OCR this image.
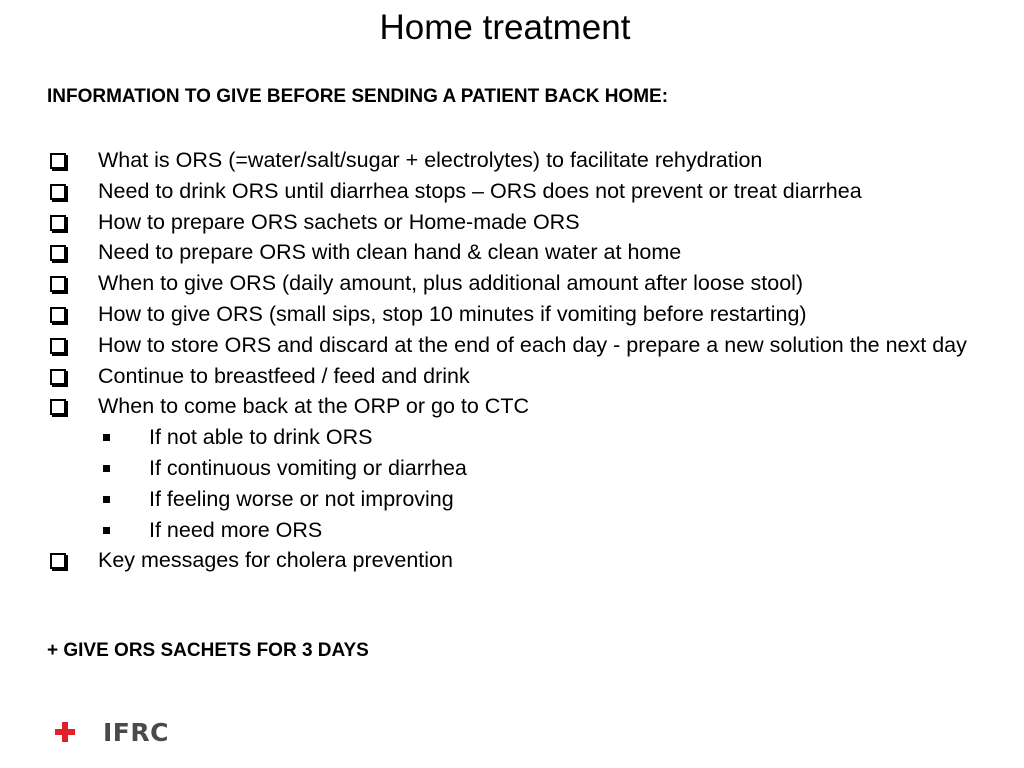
Home treatment

INFORMATION TO GIVE BEFORE SENDING A PATIENT BACK HOME:

What is ORS (=water/salt/sugar + electrolytes) to facilitate rehydration
Need to drink ORS until diarrhea stops – ORS does not prevent or treat diarrhea
How to prepare ORS sachets or Home-made ORS
Need to prepare ORS with clean hand & clean water at home
When to give ORS (daily amount, plus additional amount after loose stool)
How to give ORS (small sips, stop 10 minutes if vomiting before restarting)
How to store ORS and discard at the end of each day - prepare a new solution the next day
Continue to breastfeed / feed and drink
When to come back at the ORP or go to CTC
If not able to drink ORS
If continuous vomiting or diarrhea
If feeling worse or not improving
If need more ORS
Key messages for cholera prevention

+ GIVE ORS SACHETS FOR 3 DAYS

IFRC
